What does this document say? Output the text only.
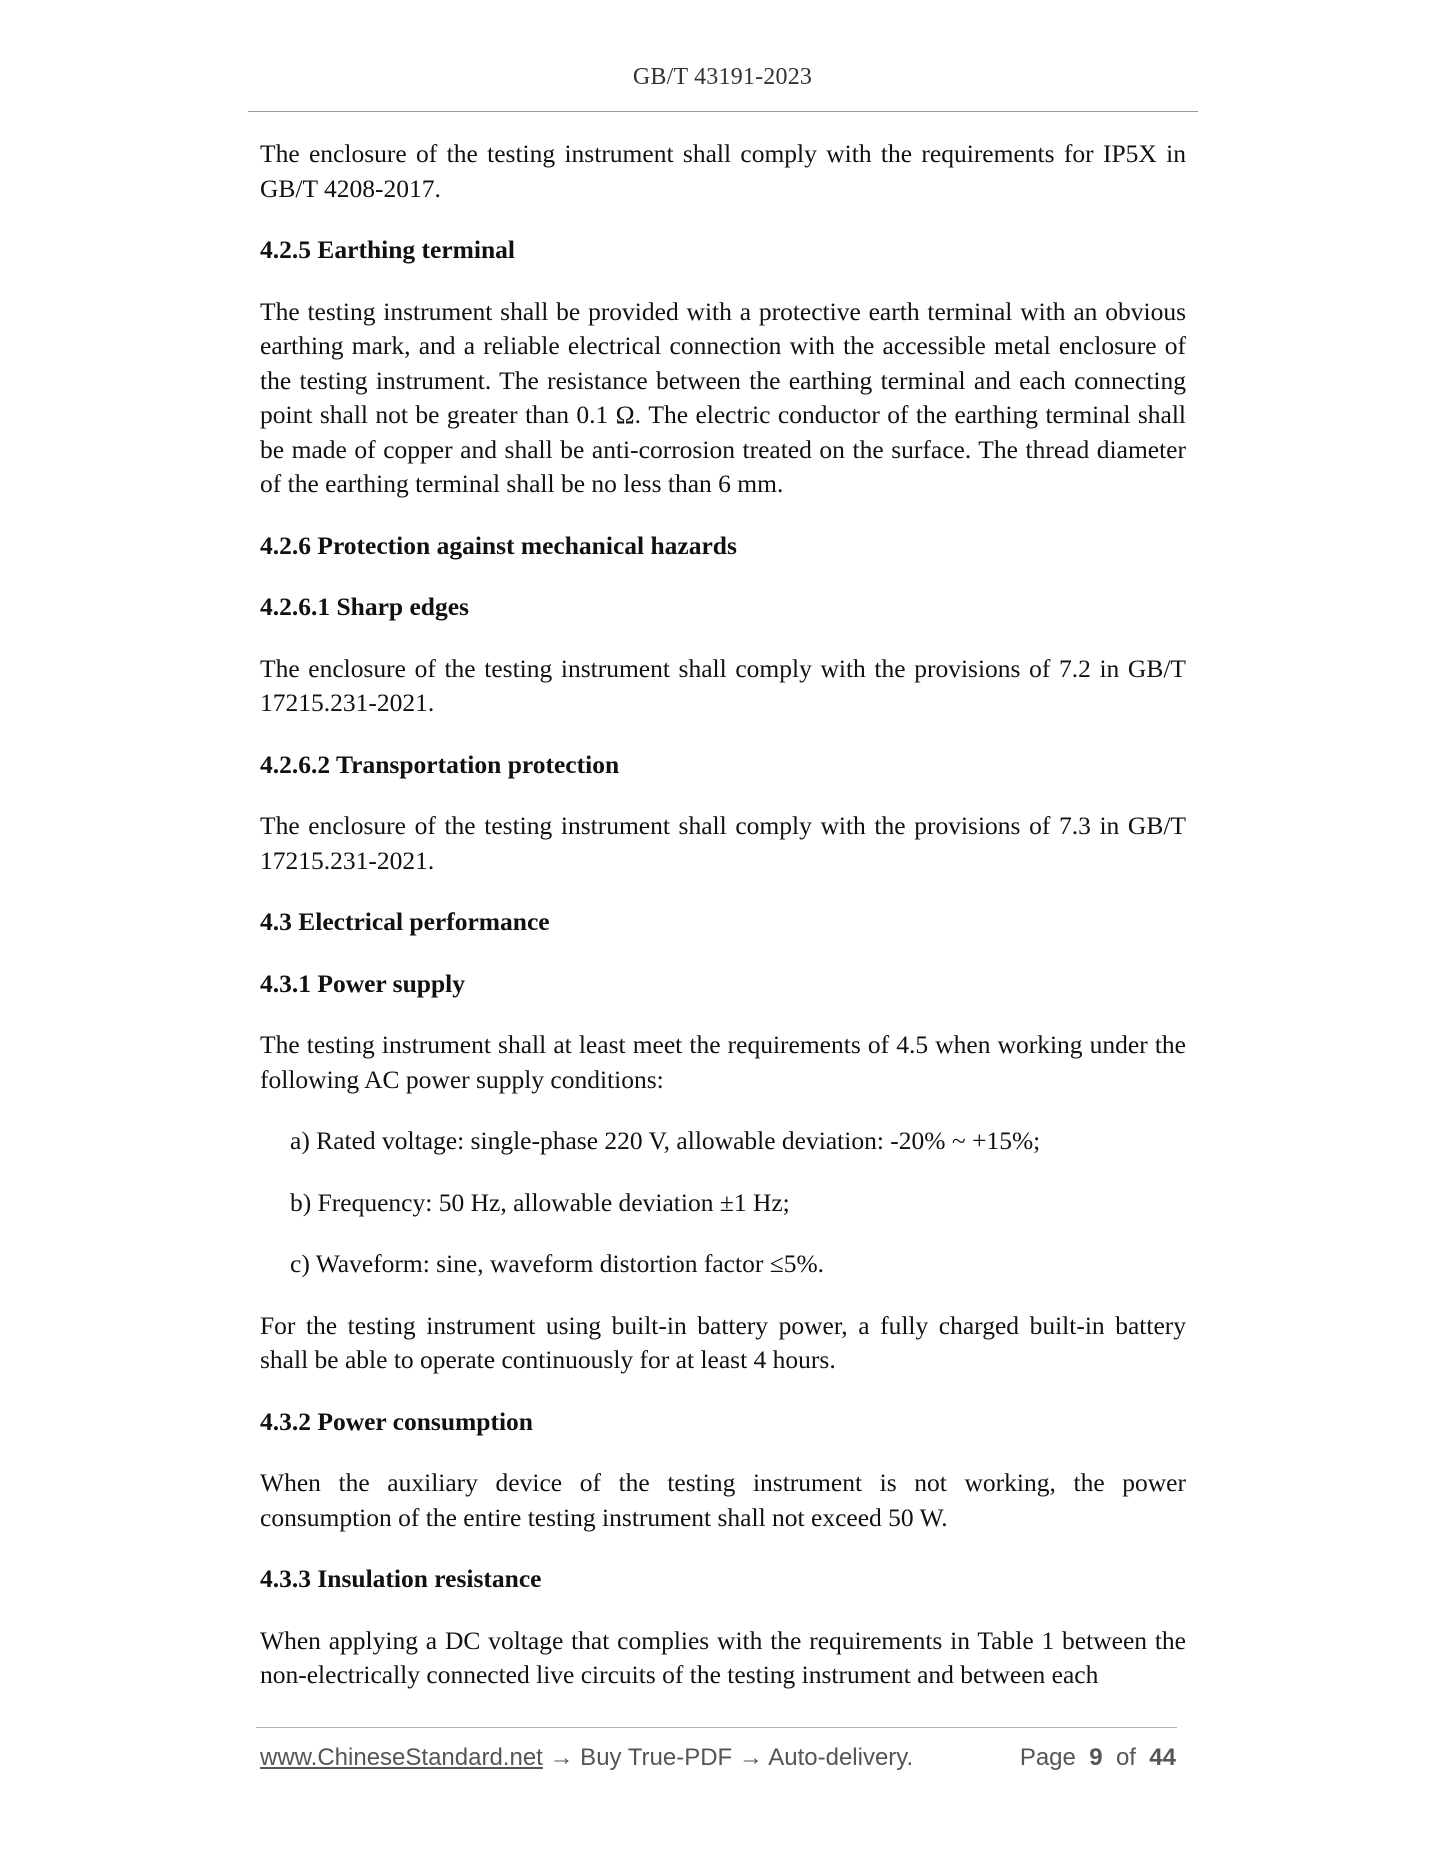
GB/T 43191-2023

The enclosure of the testing instrument shall comply with the requirements for IP5X in GB/T 4208-2017.

4.2.5 Earthing terminal

The testing instrument shall be provided with a protective earth terminal with an obvious earthing mark, and a reliable electrical connection with the accessible metal enclosure of the testing instrument. The resistance between the earthing terminal and each connecting point shall not be greater than 0.1 Ω. The electric conductor of the earthing terminal shall be made of copper and shall be anti-corrosion treated on the surface. The thread diameter of the earthing terminal shall be no less than 6 mm.

4.2.6 Protection against mechanical hazards
4.2.6.1 Sharp edges

The enclosure of the testing instrument shall comply with the provisions of 7.2 in GB/T 17215.231-2021.

4.2.6.2 Transportation protection

The enclosure of the testing instrument shall comply with the provisions of 7.3 in GB/T 17215.231-2021.

4.3 Electrical performance
4.3.1 Power supply

The testing instrument shall at least meet the requirements of 4.5 when working under the following AC power supply conditions:

a) Rated voltage: single-phase 220 V, allowable deviation: -20% ~ +15%;

b) Frequency: 50 Hz, allowable deviation ±1 Hz;

c) Waveform: sine, waveform distortion factor ≤5%.

For the testing instrument using built-in battery power, a fully charged built-in battery shall be able to operate continuously for at least 4 hours.

4.3.2 Power consumption

When the auxiliary device of the testing instrument is not working, the power consumption of the entire testing instrument shall not exceed 50 W.

4.3.3 Insulation resistance

When applying a DC voltage that complies with the requirements in Table 1 between the non-electrically connected live circuits of the testing instrument and between each

www.ChineseStandard.net → Buy True-PDF → Auto-delivery.	Page 9 of 44
